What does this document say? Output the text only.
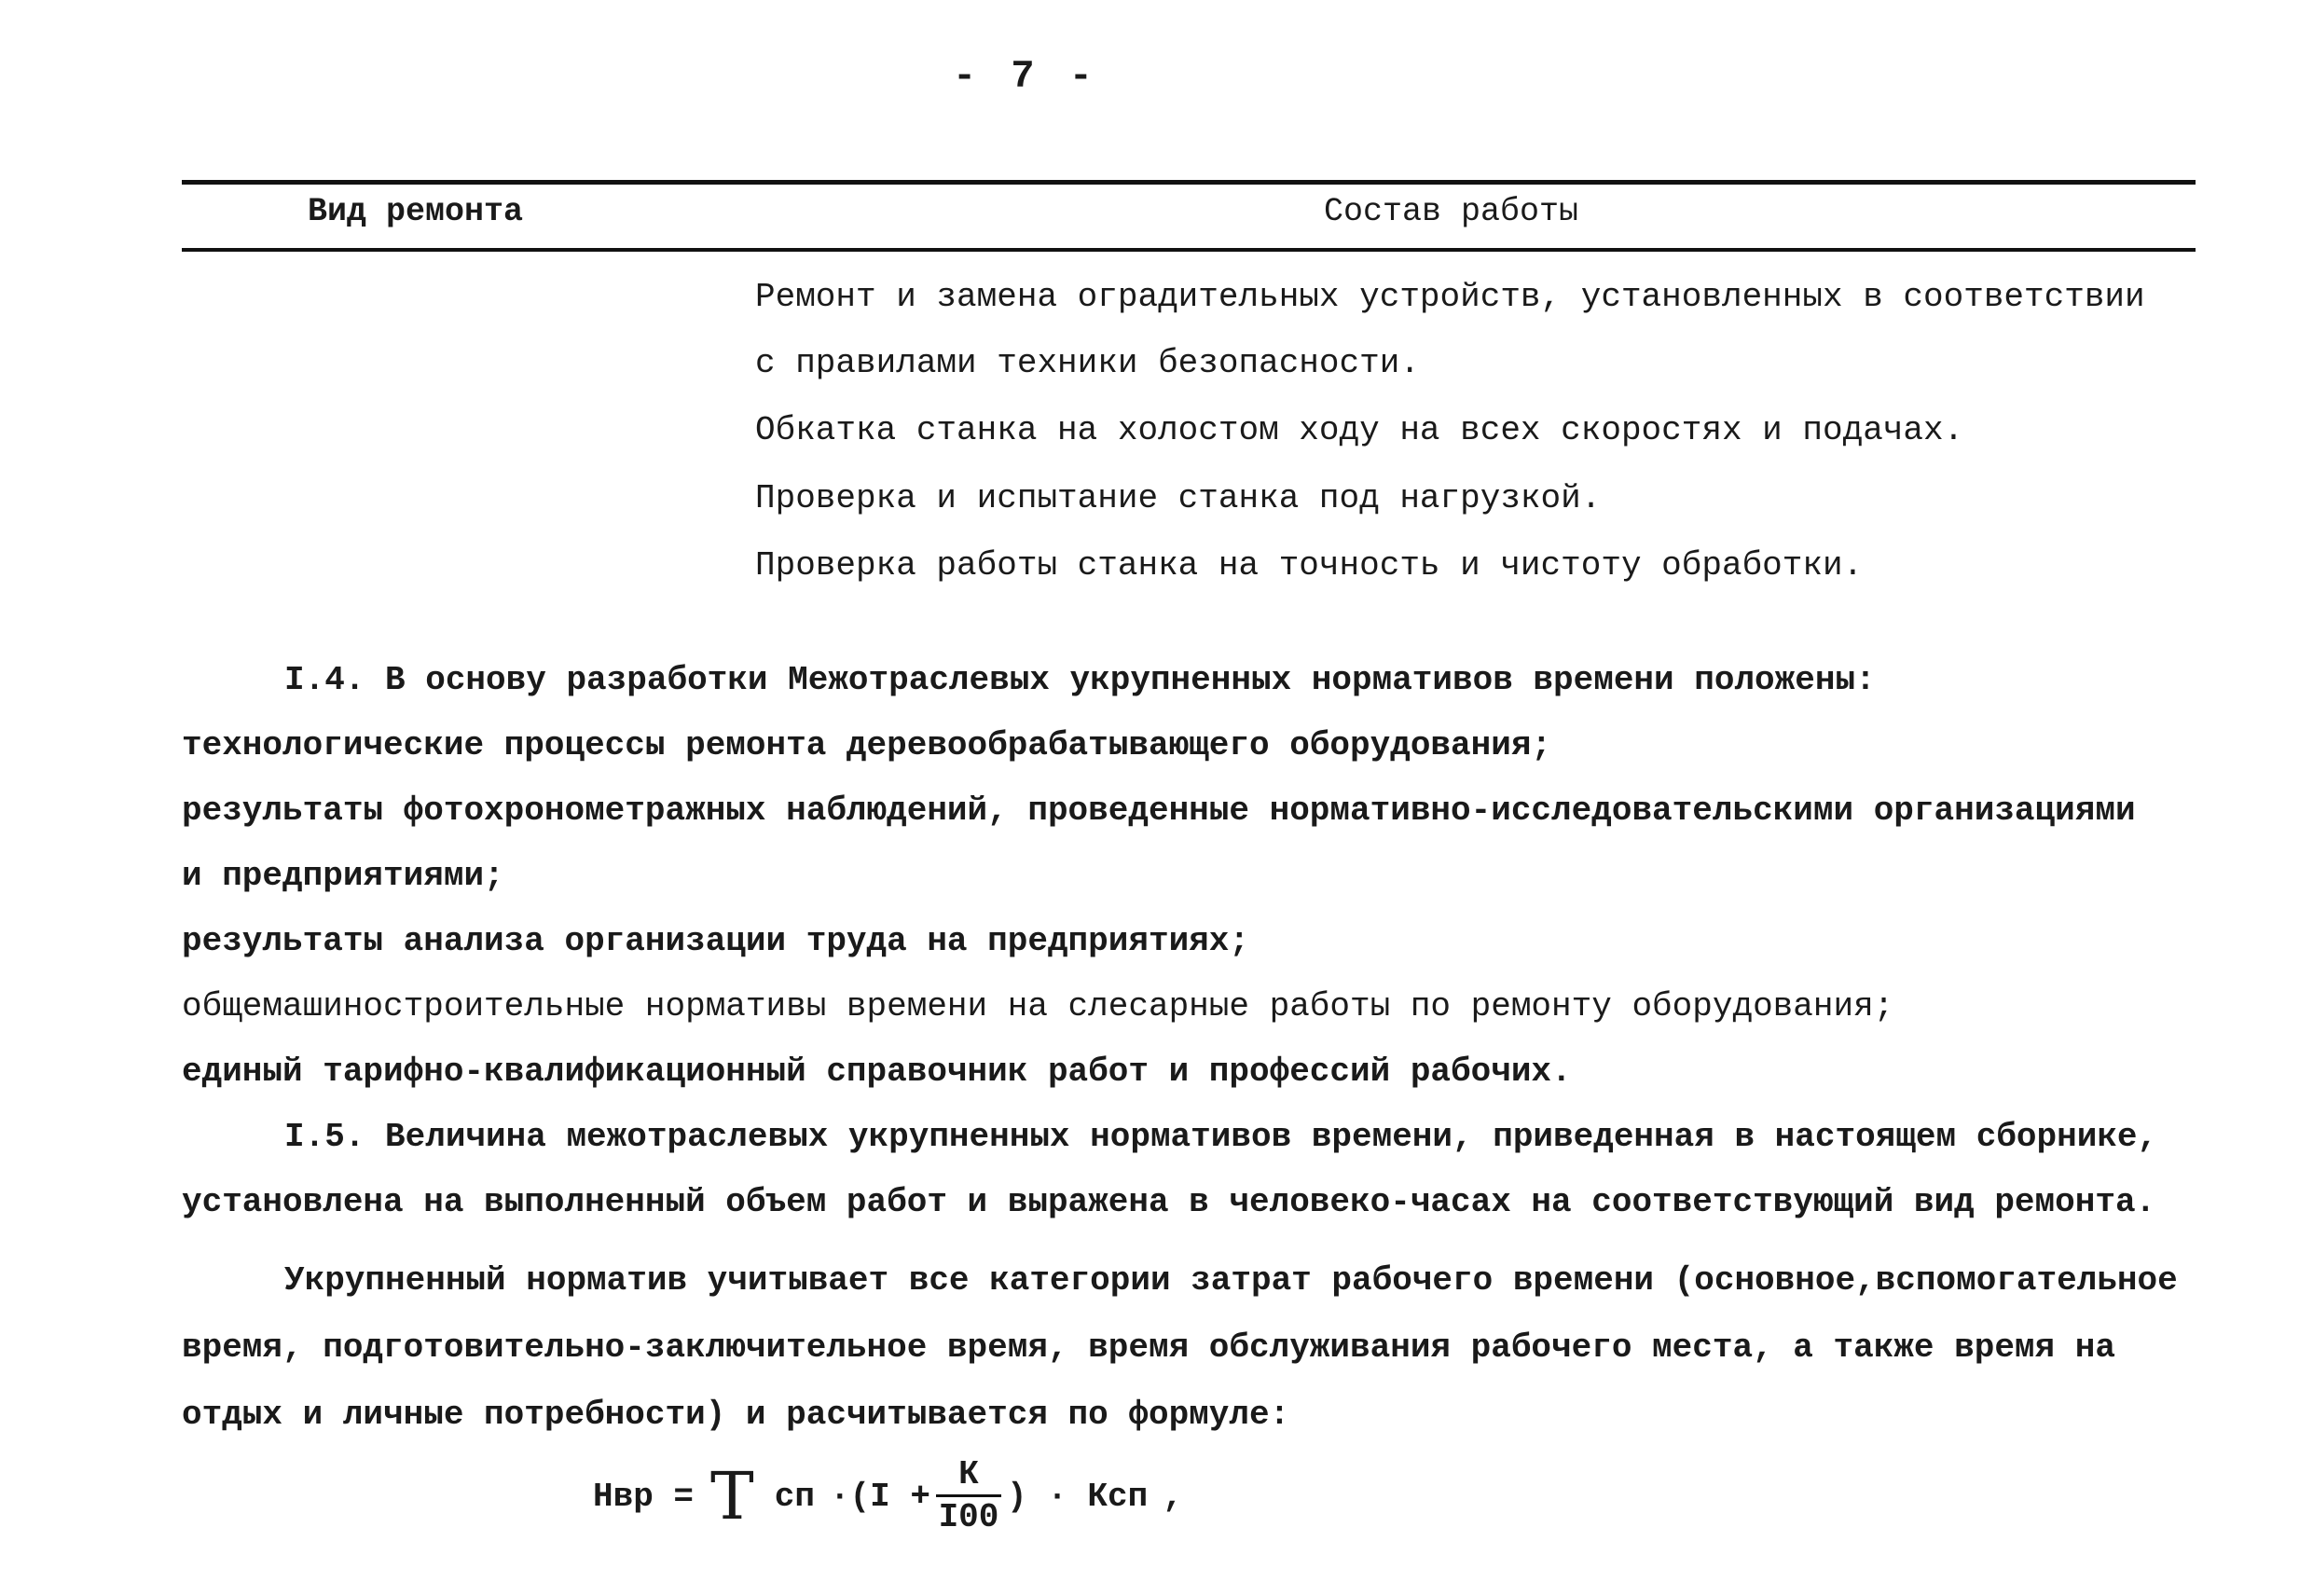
- 7 -
Вид ремонта	Состав работы
Ремонт и замена оградительных устройств, установленных в соответствии
с правилами техники безопасности.
Обкатка станка на холостом ходу на всех скоростях и подачах.
Проверка и испытание станка под нагрузкой.
Проверка работы станка на точность и чистоту обработки.
I.4. В основу разработки Межотраслевых укрупненных нормативов времени положены:
технологические процессы ремонта деревообрабатывающего оборудования;
результаты фотохронометражных наблюдений, проведенные нормативно-исследовательскими организациями
и предприятиями;
результаты анализа организации труда на предприятиях;
общемашиностроительные нормативы времени на слесарные работы по ремонту оборудования;
единый тарифно-квалификационный справочник работ и профессий рабочих.
I.5. Величина межотраслевых укрупненных нормативов времени, приведенная в настоящем сборнике,
установлена на выполненный объем работ и выражена в человеко-часах на соответствующий вид ремонта.
Укрупненный норматив учитывает все категории затрат рабочего времени (основное,вспомогательное
время, подготовительно-заключительное время, время обслуживания рабочего места, а также время на
отдых и личные потребности) и расчитывается по формуле:
Нвр = T сп $\cdot(I + \frac{К}{I00}$ ) · Ксп ,
